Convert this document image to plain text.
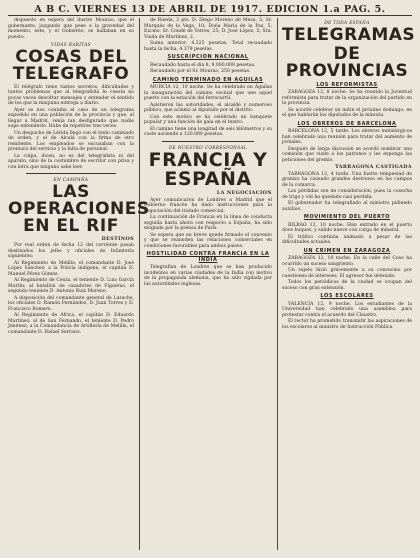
A B C. VIERNES 13 DE ABRIL DE 1917. EDICION 1.a PAG. 5.

dispuesto en espera del ilustre Mourao, que el gobernante, juzgando que pese a la gravedad del momento, este, y el Gobierno, se hallaban en su puesto.

VIDAS RARITAS
COSAS DEL TELEGRAFO

El telégrafo tiene tantos secretos, dificultades y tantos problemas que al telegrafista le cuesta no pocas veces descifrar mensajes y entender el sentido de los que la máquina entrega a diario.

Ayer se nos contaba el caso de un telegrama expedido en una población de la provincia y que, al llegar a Madrid, venía tan desfigurado que nadie supo entenderlo. Hubo de repetirse tres veces.

Un despacho de Lérida llegó con el texto cambiado de orden, y el de Alcalá con la firma de otro remitente. Los empleados se excusaban con la premura del servicio y la falta de personal.

La culpa, dicen, no es del telegrafista ni del aparato, sino de la costumbre de escribir con prisa y con letra que ninguno sabe leer.

EN CAMPAÑA
LAS OPERACIONES EN EL RIF
DESTINOS

Por real orden de fecha 12 del corriente pasan destinados los jefes y oficiales de Infantería siguientes:

Al Regimiento de Melilla, el comandante D. José López Sánchez; a la Policía indígena, el capitán D. Manuel Pérez Gómez.

Al Regimiento de Ceuta, el teniente D. Luis García Martín; al batallón de cazadores de Figueras, el segundo teniente D. Antonio Ruiz Moreno.

A disposición del comandante general de Larache, los oficiales D. Ramón Fernández, D. Juan Torres y D. Francisco Romero.

Al Regimiento de Africa, el capitán D. Eduardo Martínez; al de San Fernando, el teniente D. Pedro Jiménez; a la Comandancia de Artillería de Melilla, el comandante D. Rafael Serrano.

de Rueda, 2 pts. D. Diego Moreno de Mesa, 5; Sr. Marqués de la Vega, 10; Doña María de la Paz, 5; Excmo. Sr. Conde de Torres, 25; D. José López, 5; Sra. Viuda de Martínez, 2.

Suma anterior, 4.325 pesetas. Total recaudado hasta la fecha, 4.379 pesetas.

SUSCRIPCION NACIONAL

Recaudado hasta el día 8, 9.000.000 pesetas.

Recaudado por el Sr. Mourao, 250 pesetas.

CAMINO TERMINADO EN AGUILAS

MURCIA 12, 10 noche. Se ha celebrado en Águilas la inauguración del camino vecinal que une aquel puerto con la estación del ferrocarril.

Asistieron las autoridades, el alcalde y numeroso público, que aclamó al diputado por el distrito.

Con este motivo se ha celebrado un banquete popular y una función de gala en el teatro.

El camino tiene una longitud de seis kilómetros y su coste asciende a 120.000 pesetas.

DE NUESTRO CORRESPONSAL
FRANCIA Y ESPAÑA
LA NEGOCIACION

Ayer comunicaron de Londres a Madrid que el Gobierno francés ha dado instrucciones para la negociación del tratado comercial.

La continuación de Francia en la línea de conducta seguida hasta ahora con respecto a España, ha sido elogiada por la prensa de París.

Se espera que en breve quede firmado el convenio y que se reanuden las relaciones comerciales en condiciones favorables para ambos países.

HOSTILIDAD CONTRA FRANCIA EN LA INDIA

Telegrafían de Londres que se han producido incidentes en varias ciudades de la India con motivo de la propaganda alemana, que ha sido vigilada por las autoridades inglesas.

DE TODA ESPAÑA
TELEGRAMAS
DE PROVINCIAS
LOS REFORMISTAS

ZARAGOZA 12, 8 noche. Se ha reunido la Juventud reformista para tratar de la organización del partido en la provincia.

Se acordó celebrar un mitin el próximo domingo, en el que hablarán los diputados de la minoría.

LOS OBREROS DE BARCELONA

BARCELONA 12, 5 tarde. Los obreros metalúrgicos han celebrado una reunión para tratar del aumento de jornales.

Después de larga discusión se acordó nombrar una comisión que visite a los patronos y les exponga las peticiones del gremio.

TARRAGONA CASTIGADA

TARRAGONA 12, 4 tarde. Una fuerte tempestad de granizo ha causado grandes destrozos en los campos de la comarca.

Las pérdidas son de consideración, pues la cosecha de trigo y vid ha quedado casi perdida.

El gobernador ha telegrafiado al ministro pidiendo auxilios.

MOVIMIENTO DEL PUERTO

BILBAO 12, 10 noche. Han entrado en el puerto doce buques, y salido nueve con carga de mineral.

El tráfico continúa animado a pesar de las dificultades actuales.

UN CRIMEN EN ZARAGOZA

ZARAGOZA 12, 10 noche. En la calle del Coso ha ocurrido un suceso sangriento.

Un sujeto hirió gravemente a su convecino por cuestiones de intereses. El agresor fue detenido.

Todos los periódicos de la ciudad se ocupan del suceso con gran extensión.

LOS ESCOLARES

VALENCIA 12, 9 noche. Los estudiantes de la Universidad han celebrado una asamblea para protestar contra el acuerdo del Claustro.

El rector ha prometido transmitir las aspiraciones de los escolares al ministro de Instrucción Pública.
